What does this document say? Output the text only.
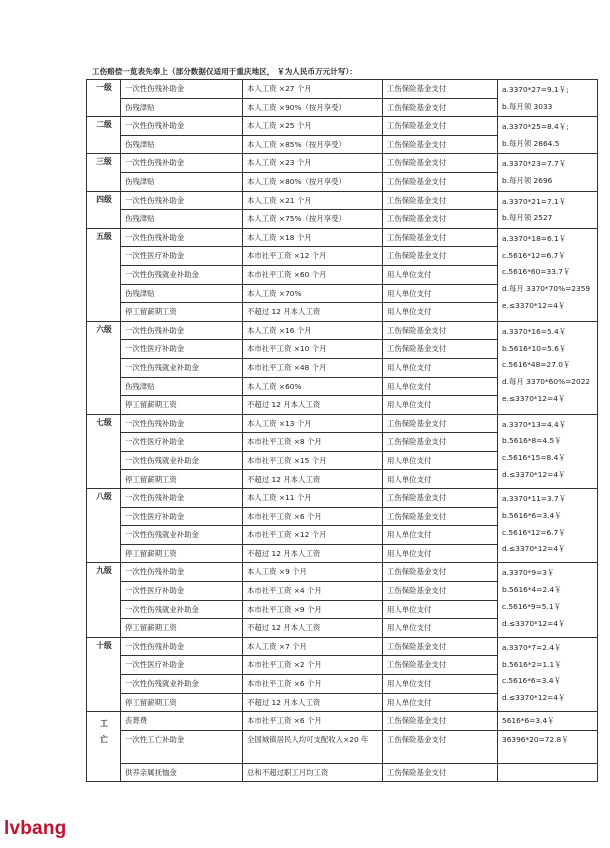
工伤赔偿一览表先奉上（部分数据仅适用于重庆地区， ￥为人民币万元计写）：
一级	一次性伤残补助金	本人工资 ×27 个月	工伤保险基金支付	a.3370*27=9.1￥;
b.每月领 3033

	伤残津贴	本人工资 ×90%（按月享受）	工伤保险基金支付	
二级	一次性伤残补助金	本人工资 ×25 个月	工伤保险基金支付	a.3370*25=8.4￥;
b.每月领 2864.5

	伤残津贴	本人工资 ×85%（按月享受）	工伤保险基金支付	
三级	一次性伤残补助金	本人工资 ×23 个月	工伤保险基金支付	a.3370*23=7.7￥
b.每月领 2696

	伤残津贴	本人工资 ×80%（按月享受）	工伤保险基金支付	
四级	一次性伤残补助金	本人工资 ×21 个月	工伤保险基金支付	a.3370*21=7.1￥
b.每月领 2527

	伤残津贴	本人工资 ×75%（按月享受）	工伤保险基金支付	
五级	一次性伤残补助金	本人工资 ×18 个月	工伤保险基金支付	a.3370*18=6.1￥
c.5616*12=6.7￥
c.5616*60=33.7￥
d.每月 3370*70%=2359
e.≤3370*12=4￥

	一次性医疗补助金	本市社平工资 ×12 个月	工伤保险基金支付	
	一次性伤残就业补助金	本市社平工资 ×60 个月	用人单位支付	
	伤残津贴	本人工资 ×70%	用人单位支付	
	停工留薪期工资	不超过 12 月本人工资	用人单位支付	
六级	一次性伤残补助金	本人工资 ×16 个月	工伤保险基金支付	a.3370*16=5.4￥
b.5616*10=5.6￥
c.5616*48=27.0￥
d.每月 3370*60%=2022
e.≤3370*12=4￥

	一次性医疗补助金	本市社平工资 ×10 个月	工伤保险基金支付	
	一次性伤残就业补助金	本市社平工资 ×48 个月	用人单位支付	
	伤残津贴	本人工资 ×60%	用人单位支付	
	停工留薪期工资	不超过 12 月本人工资	用人单位支付	
七级	一次性伤残补助金	本人工资 ×13 个月	工伤保险基金支付	a.3370*13=4.4￥
b.5616*8=4.5￥
c.5616*15=8.4￥
d.≤3370*12=4￥

	一次性医疗补助金	本市社平工资 ×8 个月	工伤保险基金支付	
	一次性伤残就业补助金	本市社平工资 ×15 个月	用人单位支付	
	停工留薪期工资	不超过 12 月本人工资	用人单位支付	
八级	一次性伤残补助金	本人工资 ×11 个月	工伤保险基金支付	a.3370*11=3.7￥
b.5616*6=3.4￥
c.5616*12=6.7￥
d.≤3370*12=4￥

	一次性医疗补助金	本市社平工资 ×6 个月	工伤保险基金支付	
	一次性伤残就业补助金	本市社平工资 ×12 个月	用人单位支付	
	停工留薪期工资	不超过 12 月本人工资	用人单位支付	
九级	一次性伤残补助金	本人工资 ×9 个月	工伤保险基金支付	a.3370*9=3￥
b.5616*4=2.4￥
c.5616*9=5.1￥
d.≤3370*12=4￥

	一次性医疗补助金	本市社平工资 ×4 个月	工伤保险基金支付	
	一次性伤残就业补助金	本市社平工资 ×9 个月	用人单位支付	
	停工留薪期工资	不超过 12 月本人工资	用人单位支付	
十级	一次性伤残补助金	本人工资 ×7 个月	工伤保险基金支付	a.3370*7=2.4￥
b.5616*2=1.1￥
c.5616*6=3.4￥
d.≤3370*12=4￥

	一次性医疗补助金	本市社平工资 ×2 个月	工伤保险基金支付	
	一次性伤残就业补助金	本市社平工资 ×6 个月	用人单位支付	
	停工留薪期工资	不超过 12 月本人工资	用人单位支付	

工
亡	丧葬费	本市社平工资 ×6 个月	工伤保险基金支付	5616*6=3.4￥
	一次性工亡补助金	全国城镇居民人均可支配收入×20 年	工伤保险基金支付	36396*20=72.8￥
	供养亲属抚恤金	总和不超过职工月均工资	工伤保险基金支付	
lvbang
